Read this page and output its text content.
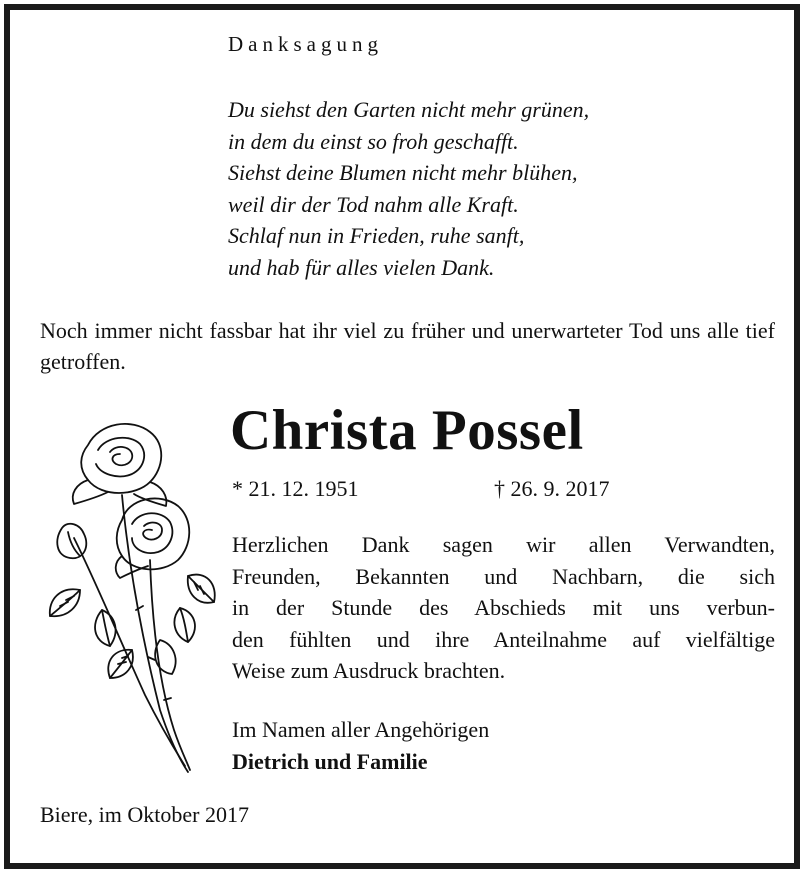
Danksagung
Du siehst den Garten nicht mehr grünen,
in dem du einst so froh geschafft.
Siehst deine Blumen nicht mehr blühen,
weil dir der Tod nahm alle Kraft.
Schlaf nun in Frieden, ruhe sanft,
und hab für alles vielen Dank.
Noch immer nicht fassbar hat ihr viel zu früher und unerwarteter Tod uns alle tief getroffen.
Christa Possel
* 21. 12. 1951	† 26. 9. 2017
Herzlichen Dank sagen wir allen Verwandten,
Freunden, Bekannten und Nachbarn, die sich
in der Stunde des Abschieds mit uns verbun-
den fühlten und ihre Anteilnahme auf vielfältige
Weise zum Ausdruck brachten.
Im Namen aller Angehörigen
Dietrich und Familie
Biere, im Oktober 2017
